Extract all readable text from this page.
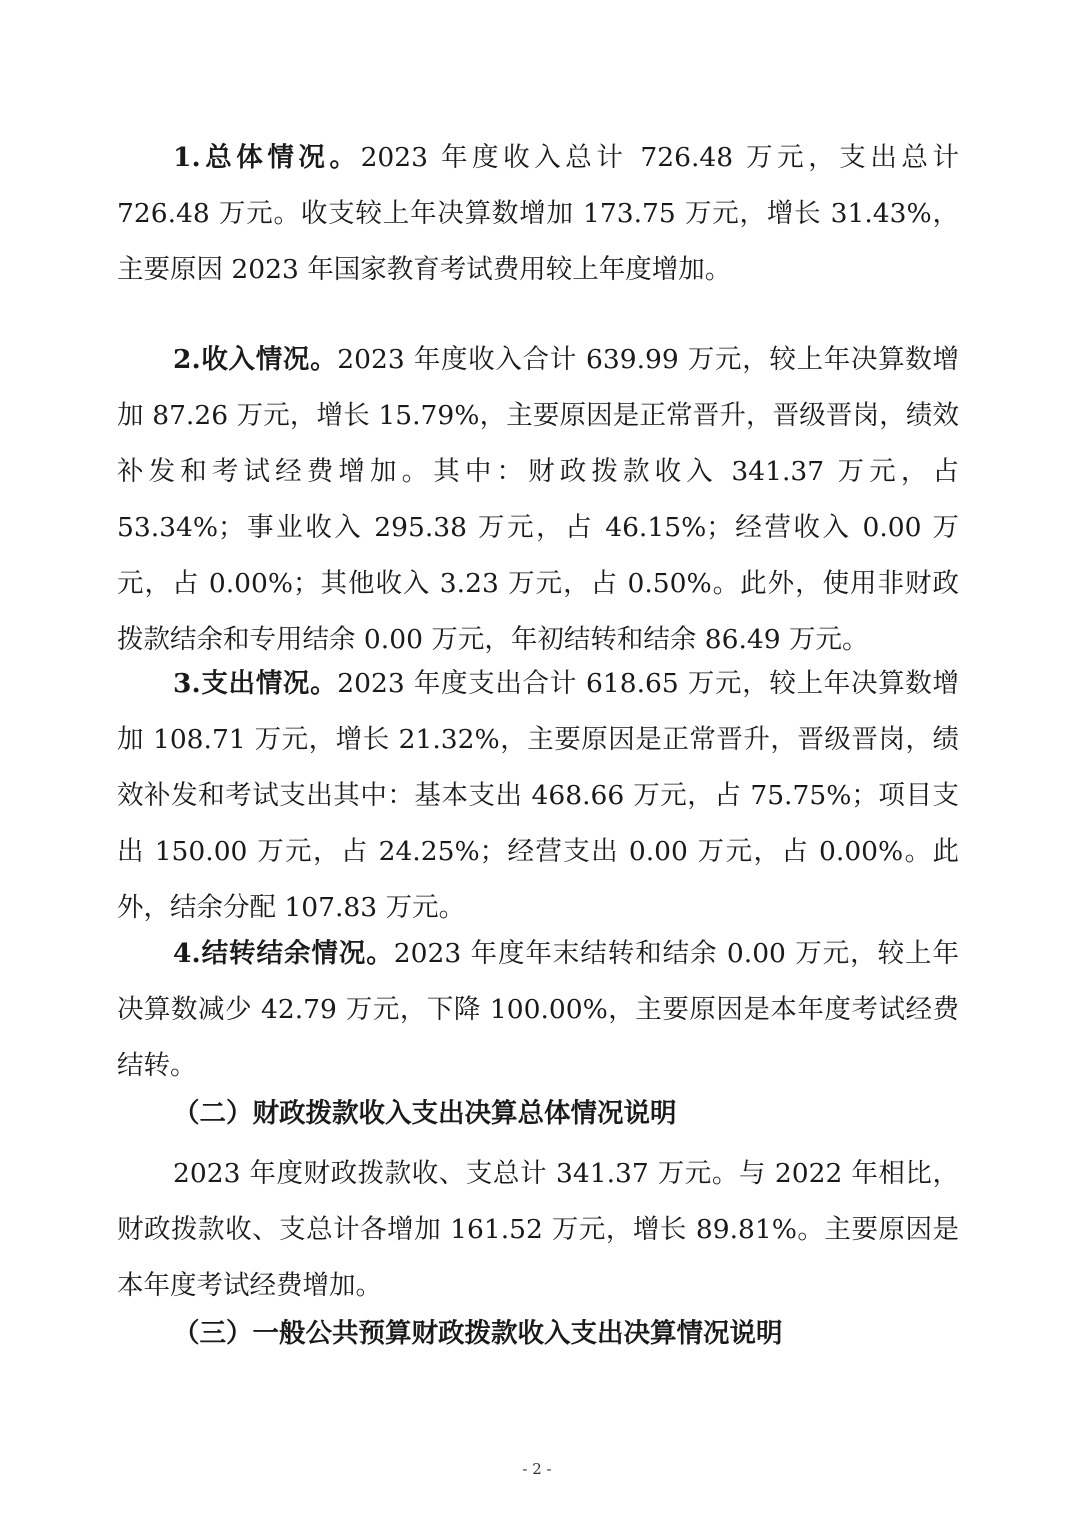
1.总体情况。2023 年度收入总计 726.48 万元，支出总计 726.48 万元。收支较上年决算数增加 173.75 万元，增长 31.43%，主要原因 2023 年国家教育考试费用较上年度增加。

2.收入情况。2023 年度收入合计 639.99 万元，较上年决算数增加 87.26 万元，增长 15.79%，主要原因是正常晋升，晋级晋岗，绩效补发和考试经费增加。其中：财政拨款收入 341.37 万元，占 53.34%；事业收入 295.38 万元，占 46.15%；经营收入 0.00 万元，占 0.00%；其他收入 3.23 万元，占 0.50%。此外，使用非财政拨款结余和专用结余 0.00 万元，年初结转和结余 86.49 万元。

3.支出情况。2023 年度支出合计 618.65 万元，较上年决算数增加 108.71 万元，增长 21.32%，主要原因是正常晋升，晋级晋岗，绩效补发和考试支出其中：基本支出 468.66 万元，占 75.75%；项目支出 150.00 万元，占 24.25%；经营支出 0.00 万元，占 0.00%。此外，结余分配 107.83 万元。

4.结转结余情况。2023 年度年末结转和结余 0.00 万元，较上年决算数减少 42.79 万元，下降 100.00%，主要原因是本年度考试经费结转。

（二）财政拨款收入支出决算总体情况说明

2023 年度财政拨款收、支总计 341.37 万元。与 2022 年相比，财政拨款收、支总计各增加 161.52 万元，增长 89.81%。主要原因是本年度考试经费增加。

（三）一般公共预算财政拨款收入支出决算情况说明

- 2 -
